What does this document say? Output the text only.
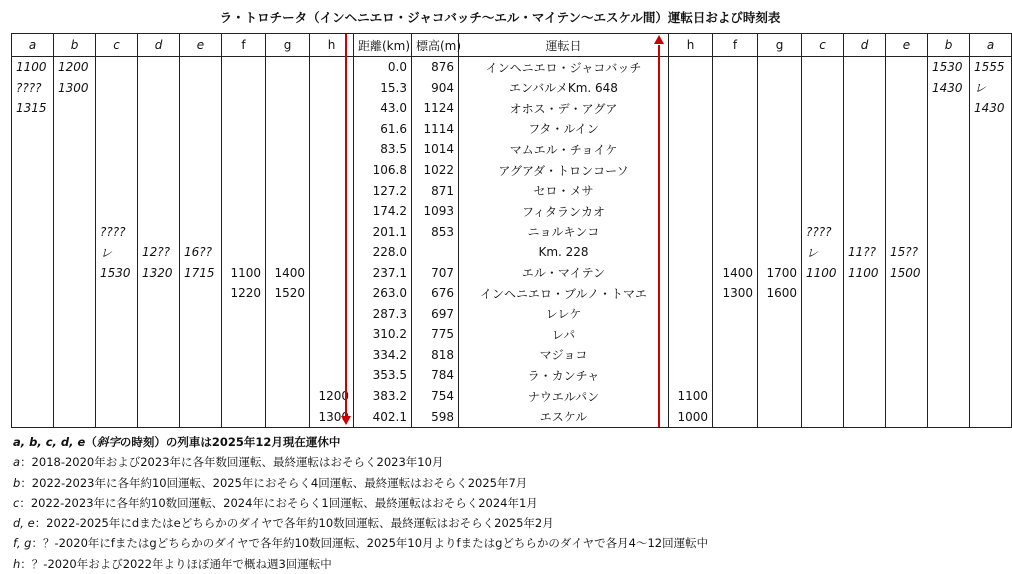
ラ・トロチータ（インヘニエロ・ジャコバッチ〜エル・マイテン〜エスケル間）運転日および時刻表
a	b	c	d	e	f	g	h	距離(km)	標高(m)	運転日	h	f	g	c	d	e	b	a
1100	1200							0.0	876	インヘニエロ・ジャコバッチ							1530	1555
????	1300							15.3	904	エンバルメKm. 648							1430	レ
1315								43.0	1124	オホス・デ・アグア								1430
								61.6	1114	フタ・ルイン								
								83.5	1014	マムエル・チョイケ								
								106.8	1022	アグアダ・トロンコーソ								
								127.2	871	セロ・メサ								
								174.2	1093	フィタランカオ								
		????						201.1	853	ニョルキンコ				????				
		レ	12??	16??				228.0		Km. 228				レ	11??	15??		
		1530	1320	1715	1100	1400		237.1	707	エル・マイテン		1400	1700	1100	1100	1500		
					1220	1520		263.0	676	インヘニエロ・ブルノ・トマエ		1300	1600					
								287.3	697	レレケ								
								310.2	775	レパ								
								334.2	818	マジョコ								
								353.5	784	ラ・カンチャ								
							1200	383.2	754	ナウエルパン	1100							
							1300	402.1	598	エスケル	1000							
a, b, c, d, e（斜字の時刻）の列車は2025年12月現在運休中
a：2018-2020年および2023年に各年数回運転、最終運転はおそらく2023年10月
b：2022-2023年に各年約10回運転、2025年におそらく4回運転、最終運転はおそらく2025年7月
c：2022-2023年に各年約10数回運転、2024年におそらく1回運転、最終運転はおそらく2024年1月
d, e：2022-2025年にdまたはeどちらかのダイヤで各年約10数回運転、最終運転はおそらく2025年2月
f, g：？-2020年にfまたはgどちらかのダイヤで各年約10数回運転、2025年10月よりfまたはgどちらかのダイヤで各月4〜12回運転中
h：？-2020年および2022年よりほぼ通年で概ね週3回運転中
